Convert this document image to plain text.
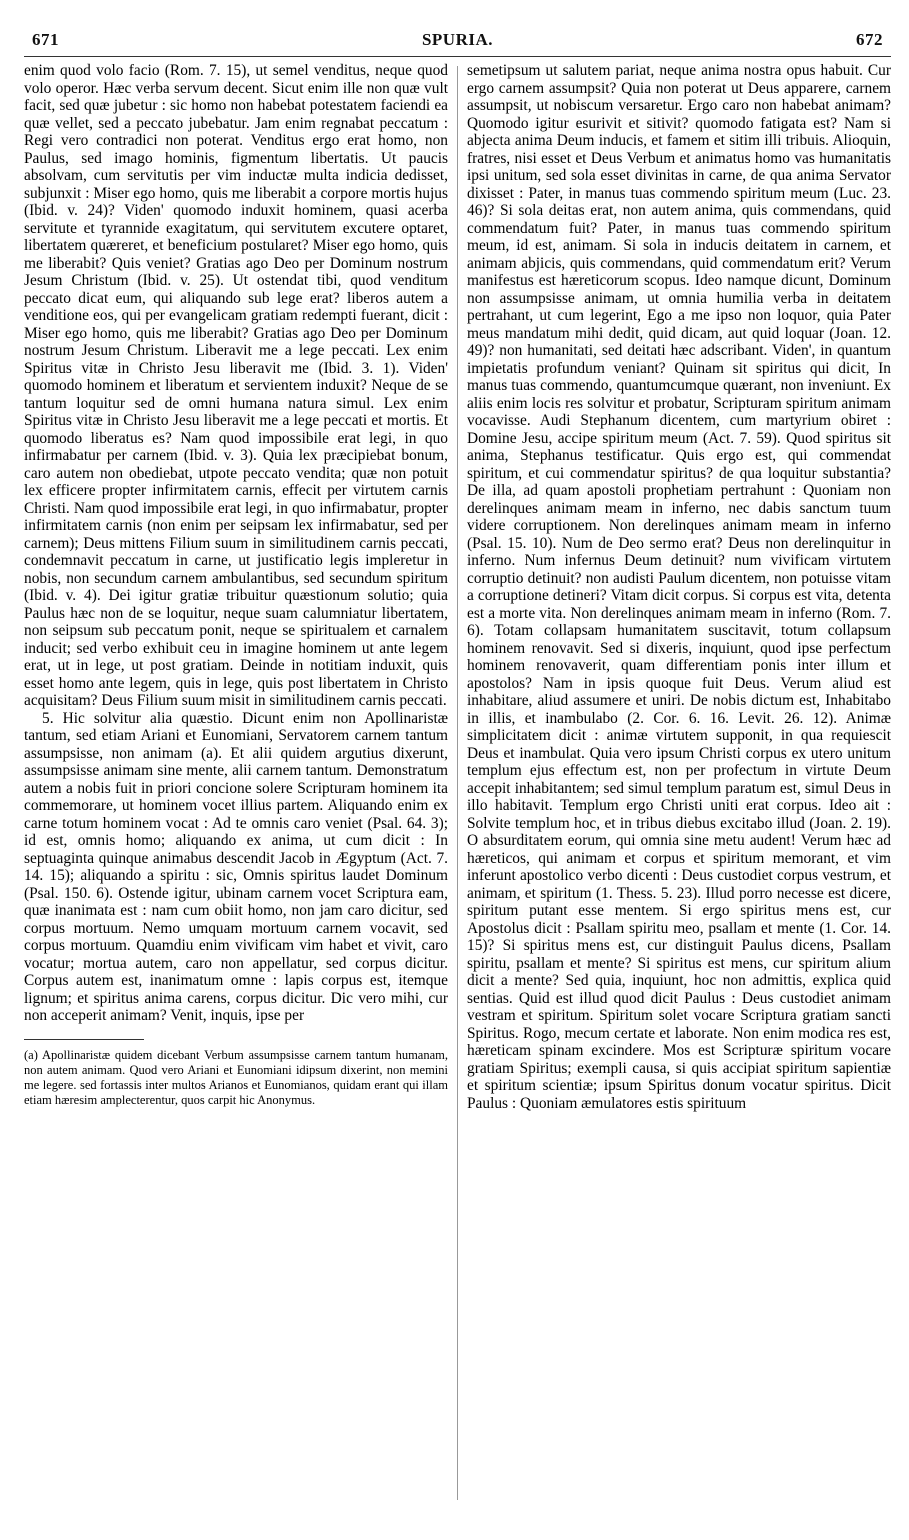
671	SPURIA.	672

enim quod volo facio (Rom. 7. 15), ut semel venditus, neque quod volo operor. Hæc verba servum decent. Sicut enim ille non quæ vult facit, sed quæ jubetur : sic homo non habebat potestatem faciendi ea quæ vellet, sed a peccato jubebatur. Jam enim regnabat peccatum : Regi vero contradici non poterat. Venditus ergo erat homo, non Paulus, sed imago hominis, figmentum libertatis. Ut paucis absolvam, cum servitutis per vim inductæ multa indicia dedisset, subjunxit : Miser ego homo, quis me liberabit a corpore mortis hujus (Ibid. v. 24)? Viden' quomodo induxit hominem, quasi acerba servitute et tyrannide exagitatum, qui servitutem excutere optaret, libertatem quæreret, et beneficium postularet? Miser ego homo, quis me liberabit? Quis veniet? Gratias ago Deo per Dominum nostrum Jesum Christum (Ibid. v. 25). Ut ostendat tibi, quod venditum peccato dicat eum, qui aliquando sub lege erat? liberos autem a venditione eos, qui per evangelicam gratiam redempti fuerant, dicit : Miser ego homo, quis me liberabit? Gratias ago Deo per Dominum nostrum Jesum Christum. Liberavit me a lege peccati. Lex enim Spiritus vitæ in Christo Jesu liberavit me (Ibid. 3. 1). Viden' quomodo hominem et liberatum et servientem induxit? Neque de se tantum loquitur sed de omni humana natura simul. Lex enim Spiritus vitæ in Christo Jesu liberavit me a lege peccati et mortis. Et quomodo liberatus es? Nam quod impossibile erat legi, in quo infirmabatur per carnem (Ibid. v. 3). Quia lex præcipiebat bonum, caro autem non obediebat, utpote peccato vendita; quæ non potuit lex efficere propter infirmitatem carnis, effecit per virtutem carnis Christi. Nam quod impossibile erat legi, in quo infirmabatur, propter infirmitatem carnis (non enim per seipsam lex infirmabatur, sed per carnem); Deus mittens Filium suum in similitudinem carnis peccati, condemnavit peccatum in carne, ut justificatio legis impleretur in nobis, non secundum carnem ambulantibus, sed secundum spiritum (Ibid. v. 4). Dei igitur gratiæ tribuitur quæstionum solutio; quia Paulus hæc non de se loquitur, neque suam calumniatur libertatem, non seipsum sub peccatum ponit, neque se spiritualem et carnalem inducit; sed verbo exhibuit ceu in imagine hominem ut ante legem erat, ut in lege, ut post gratiam. Deinde in notitiam induxit, quis esset homo ante legem, quis in lege, quis post libertatem in Christo acquisitam? Deus Filium suum misit in similitudinem carnis peccati.

5. Hic solvitur alia quæstio. Dicunt enim non Apollinaristæ tantum, sed etiam Ariani et Eunomiani, Servatorem carnem tantum assumpsisse, non animam (a). Et alii quidem argutius dixerunt, assumpsisse animam sine mente, alii carnem tantum. Demonstratum autem a nobis fuit in priori concione solere Scripturam hominem ita commemorare, ut hominem vocet illius partem. Aliquando enim ex carne totum hominem vocat : Ad te omnis caro veniet (Psal. 64. 3); id est, omnis homo; aliquando ex anima, ut cum dicit : In septuaginta quinque animabus descendit Jacob in Ægyptum (Act. 7. 14. 15); aliquando a spiritu : sic, Omnis spiritus laudet Dominum (Psal. 150. 6). Ostende igitur, ubinam carnem vocet Scriptura eam, quæ inanimata est : nam cum obiit homo, non jam caro dicitur, sed corpus mortuum. Nemo umquam mortuum carnem vocavit, sed corpus mortuum. Quamdiu enim vivificam vim habet et vivit, caro vocatur; mortua autem, caro non appellatur, sed corpus dicitur. Corpus autem est, inanimatum omne : lapis corpus est, itemque lignum; et spiritus anima carens, corpus dicitur. Dic vero mihi, cur non acceperit animam? Venit, inquis, ipse per

(a) Apollinaristæ quidem dicebant Verbum assumpsisse carnem tantum humanam, non autem animam. Quod vero Ariani et Eunomiani idipsum dixerint, non memini me legere. sed fortassis inter multos Arianos et Eunomianos, quidam erant qui illam etiam hæresim amplecterentur, quos carpit hic Anonymus.

semetipsum ut salutem pariat, neque anima nostra opus habuit. Cur ergo carnem assumpsit? Quia non poterat ut Deus apparere, carnem assumpsit, ut nobiscum versaretur. Ergo caro non habebat animam? Quomodo igitur esurivit et sitivit? quomodo fatigata est? Nam si abjecta anima Deum inducis, et famem et sitim illi tribuis. Alioquin, fratres, nisi esset et Deus Verbum et animatus homo vas humanitatis ipsi unitum, sed sola esset divinitas in carne, de qua anima Servator dixisset : Pater, in manus tuas commendo spiritum meum (Luc. 23. 46)? Si sola deitas erat, non autem anima, quis commendans, quid commendatum fuit? Pater, in manus tuas commendo spiritum meum, id est, animam. Si sola in inducis deitatem in carnem, et animam abjicis, quis commendans, quid commendatum erit? Verum manifestus est hæreticorum scopus. Ideo namque dicunt, Dominum non assumpsisse animam, ut omnia humilia verba in deitatem pertrahant, ut cum legerint, Ego a me ipso non loquor, quia Pater meus mandatum mihi dedit, quid dicam, aut quid loquar (Joan. 12. 49)? non humanitati, sed deitati hæc adscribant. Viden', in quantum impietatis profundum veniant? Quinam sit spiritus qui dicit, In manus tuas commendo, quantumcumque quærant, non inveniunt. Ex aliis enim locis res solvitur et probatur, Scripturam spiritum animam vocavisse. Audi Stephanum dicentem, cum martyrium obiret : Domine Jesu, accipe spiritum meum (Act. 7. 59). Quod spiritus sit anima, Stephanus testificatur. Quis ergo est, qui commendat spiritum, et cui commendatur spiritus? de qua loquitur substantia? De illa, ad quam apostoli prophetiam pertrahunt : Quoniam non derelinques animam meam in inferno, nec dabis sanctum tuum videre corruptionem. Non derelinques animam meam in inferno (Psal. 15. 10). Num de Deo sermo erat? Deus non derelinquitur in inferno. Num infernus Deum detinuit? num vivificam virtutem corruptio detinuit? non audisti Paulum dicentem, non potuisse vitam a corruptione detineri? Vitam dicit corpus. Si corpus est vita, detenta est a morte vita. Non derelinques animam meam in inferno (Rom. 7. 6). Totam collapsam humanitatem suscitavit, totum collapsum hominem renovavit. Sed si dixeris, inquiunt, quod ipse perfectum hominem renovaverit, quam differentiam ponis inter illum et apostolos? Nam in ipsis quoque fuit Deus. Verum aliud est inhabitare, aliud assumere et uniri. De nobis dictum est, Inhabitabo in illis, et inambulabo (2. Cor. 6. 16. Levit. 26. 12). Animæ simplicitatem dicit : animæ virtutem supponit, in qua requiescit Deus et inambulat. Quia vero ipsum Christi corpus ex utero unitum templum ejus effectum est, non per profectum in virtute Deum accepit inhabitantem; sed simul templum paratum est, simul Deus in illo habitavit. Templum ergo Christi uniti erat corpus. Ideo ait : Solvite templum hoc, et in tribus diebus excitabo illud (Joan. 2. 19). O absurditatem eorum, qui omnia sine metu audent! Verum hæc ad hæreticos, qui animam et corpus et spiritum memorant, et vim inferunt apostolico verbo dicenti : Deus custodiet corpus vestrum, et animam, et spiritum (1. Thess. 5. 23). Illud porro necesse est dicere, spiritum putant esse mentem. Si ergo spiritus mens est, cur Apostolus dicit : Psallam spiritu meo, psallam et mente (1. Cor. 14. 15)? Si spiritus mens est, cur distinguit Paulus dicens, Psallam spiritu, psallam et mente? Si spiritus est mens, cur spiritum alium dicit a mente? Sed quia, inquiunt, hoc non admittis, explica quid sentias. Quid est illud quod dicit Paulus : Deus custodiet animam vestram et spiritum. Spiritum solet vocare Scriptura gratiam sancti Spiritus. Rogo, mecum certate et laborate. Non enim modica res est, hæreticam spinam excindere. Mos est Scripturæ spiritum vocare gratiam Spiritus; exempli causa, si quis accipiat spiritum sapientiæ et spiritum scientiæ; ipsum Spiritus donum vocatur spiritus. Dicit Paulus : Quoniam æmulatores estis spirituum
